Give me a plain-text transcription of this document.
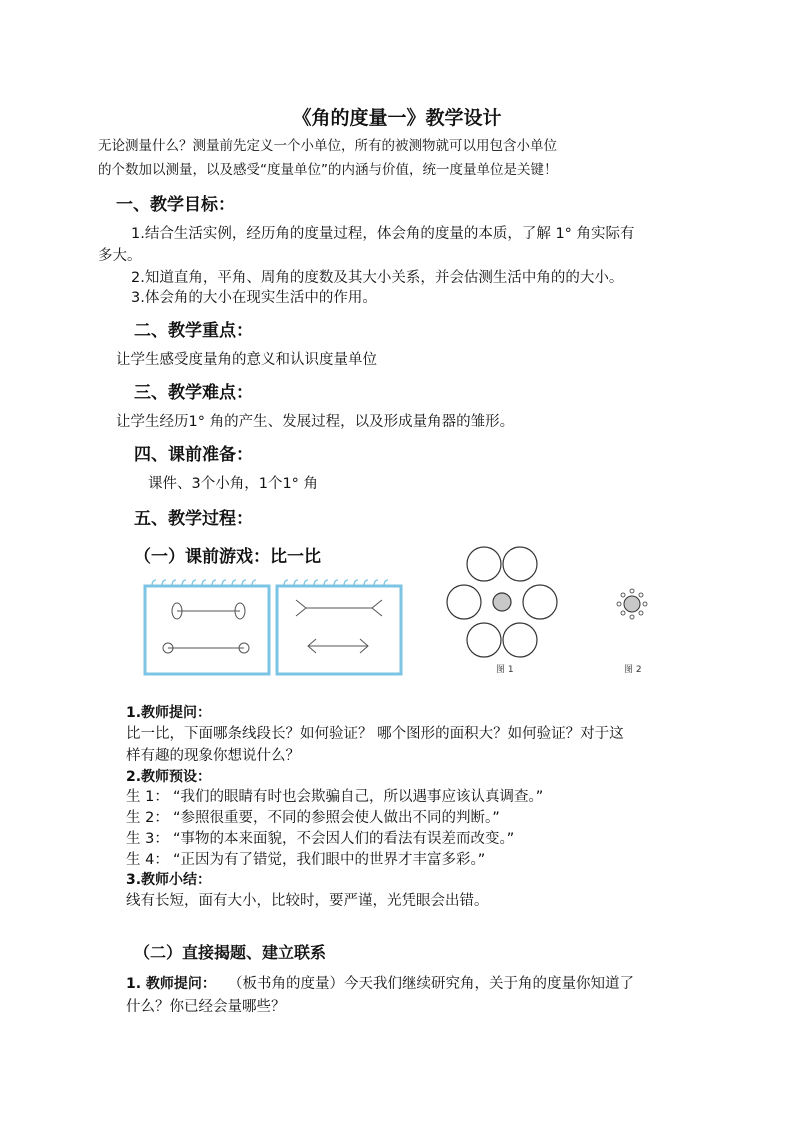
《角的度量一》教学设计
无论测量什么？测量前先定义一个小单位，所有的被测物就可以用包含小单位
的个数加以测量，以及感受“度量单位”的内涵与价值，统一度量单位是关键！
一、教学目标：
1.结合生活实例，经历角的度量过程，体会角的度量的本质，了解 1° 角实际有
多大。
2.知道直角，平角、周角的度数及其大小关系，并会估测生活中角的的大小。
3.体会角的大小在现实生活中的作用。
二、教学重点：
让学生感受度量角的意义和认识度量单位
三、教学难点：
让学生经历1° 角的产生、发展过程，以及形成量角器的雏形。
四、课前准备：
课件、3个小角，1个1° 角
五、教学过程：
（一）课前游戏：比一比
图 1	图 2
1.教师提问：
比一比，下面哪条线段长？如何验证？ 哪个图形的面积大？如何验证？对于这
样有趣的现象你想说什么？
2.教师预设：
生 1： “我们的眼睛有时也会欺骗自己，所以遇事应该认真调查。”
生 2： “参照很重要，不同的参照会使人做出不同的判断。”
生 3： “事物的本来面貌，不会因人们的看法有误差而改变。”
生 4： “正因为有了错觉，我们眼中的世界才丰富多彩。”
3.教师小结：
线有长短，面有大小，比较时，要严谨，光凭眼会出错。
（二）直接揭题、建立联系
1. 教师提问： （板书角的度量）今天我们继续研究角，关于角的度量你知道了
什么？你已经会量哪些？
